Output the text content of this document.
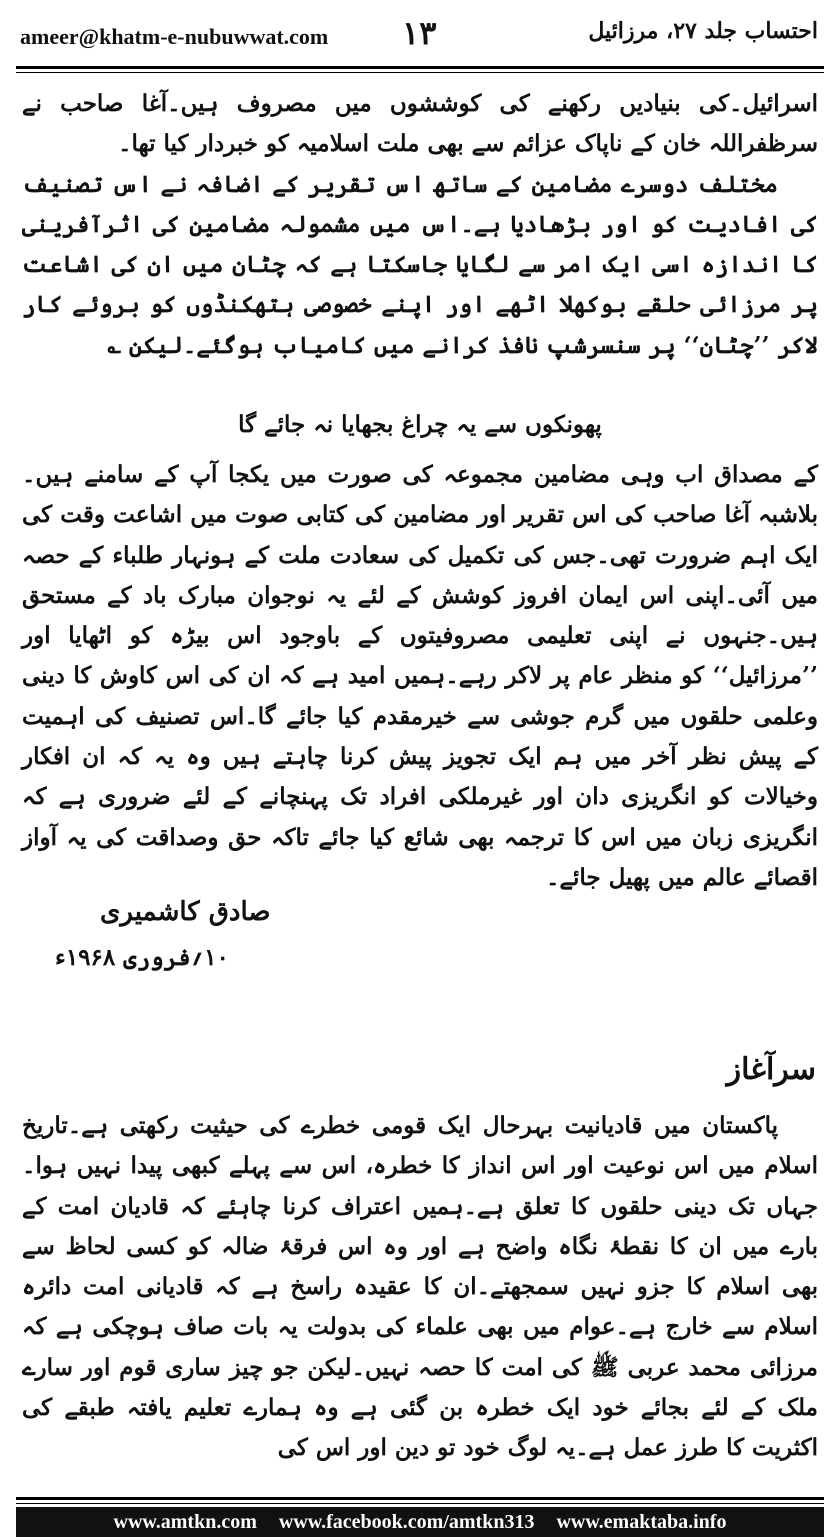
ameer@khatm-e-nubuwwat.com ۱۳	احتساب جلد ۲۷، مرزائیل

اسرائیل۔کی بنیادیں رکھنے کی کوششوں میں مصروف ہیں۔آغا صاحب نے سرظفراللہ خان کے ناپاک عزائم سے بھی ملت اسلامیہ کو خبردار کیا تھا۔

مختلف دوسرے مضامین کے ساتھ اس تقریر کے اضافہ نے اس تصنیف کی افادیت کو اور بڑھادیا ہے۔اس میں مشمولہ مضامین کی اثرآفرینی کا اندازہ اسی ایک امر سے لگایا جاسکتا ہے کہ چٹان میں ان کی اشاعت پر مرزائی حلقے بوکھلا اٹھے اور اپنے خصوصی ہتھکنڈوں کو بروئے کار لاکر ’’چٹان‘‘ پر سنسرشپ نافذ کرانے میں کامیاب ہوگئے۔لیکن ؎

پھونکوں سے یہ چراغ بجھایا نہ جائے گا

کے مصداق اب وہی مضامین مجموعہ کی صورت میں یکجا آپ کے سامنے ہیں۔بلاشبہ آغا صاحب کی اس تقریر اور مضامین کی کتابی صوت میں اشاعت وقت کی ایک اہم ضرورت تھی۔جس کی تکمیل کی سعادت ملت کے ہونہار طلباء کے حصہ میں آئی۔اپنی اس ایمان افروز کوشش کے لئے یہ نوجوان مبارک باد کے مستحق ہیں۔جنہوں نے اپنی تعلیمی مصروفیتوں کے باوجود اس بیڑہ کو اٹھایا اور ’’مرزائیل‘‘ کو منظر عام پر لاکر رہے۔ہمیں امید ہے کہ ان کی اس کاوش کا دینی وعلمی حلقوں میں گرم جوشی سے خیرمقدم کیا جائے گا۔اس تصنیف کی اہمیت کے پیش نظر آخر میں ہم ایک تجویز پیش کرنا چاہتے ہیں وہ یہ کہ ان افکار وخیالات کو انگریزی دان اور غیرملکی افراد تک پہنچانے کے لئے ضروری ہے کہ انگریزی زبان میں اس کا ترجمہ بھی شائع کیا جائے تاکہ حق وصداقت کی یہ آواز اقصائے عالم میں پھیل جائے۔

صادق کاشمیری
۱۰؍فروری ۱۹۶۸ء
سرآغاز

پاکستان میں قادیانیت بہرحال ایک قومی خطرے کی حیثیت رکھتی ہے۔تاریخ اسلام میں اس نوعیت اور اس انداز کا خطرہ، اس سے پہلے کبھی پیدا نہیں ہوا۔جہاں تک دینی حلقوں کا تعلق ہے۔ہمیں اعتراف کرنا چاہئے کہ قادیان امت کے بارے میں ان کا نقطۂ نگاہ واضح ہے اور وہ اس فرقۂ ضالہ کو کسی لحاظ سے بھی اسلام کا جزو نہیں سمجھتے۔ان کا عقیدہ راسخ ہے کہ قادیانی امت دائرہ اسلام سے خارج ہے۔عوام میں بھی علماء کی بدولت یہ بات صاف ہوچکی ہے کہ مرزائی محمد عربی ﷺ کی امت کا حصہ نہیں۔لیکن جو چیز ساری قوم اور سارے ملک کے لئے بجائے خود ایک خطرہ بن گئی ہے وہ ہمارے تعلیم یافتہ طبقے کی اکثریت کا طرز عمل ہے۔یہ لوگ خود تو دین اور اس کی

www.amtkn.com www.facebook.com/amtkn313 www.emaktaba.info
